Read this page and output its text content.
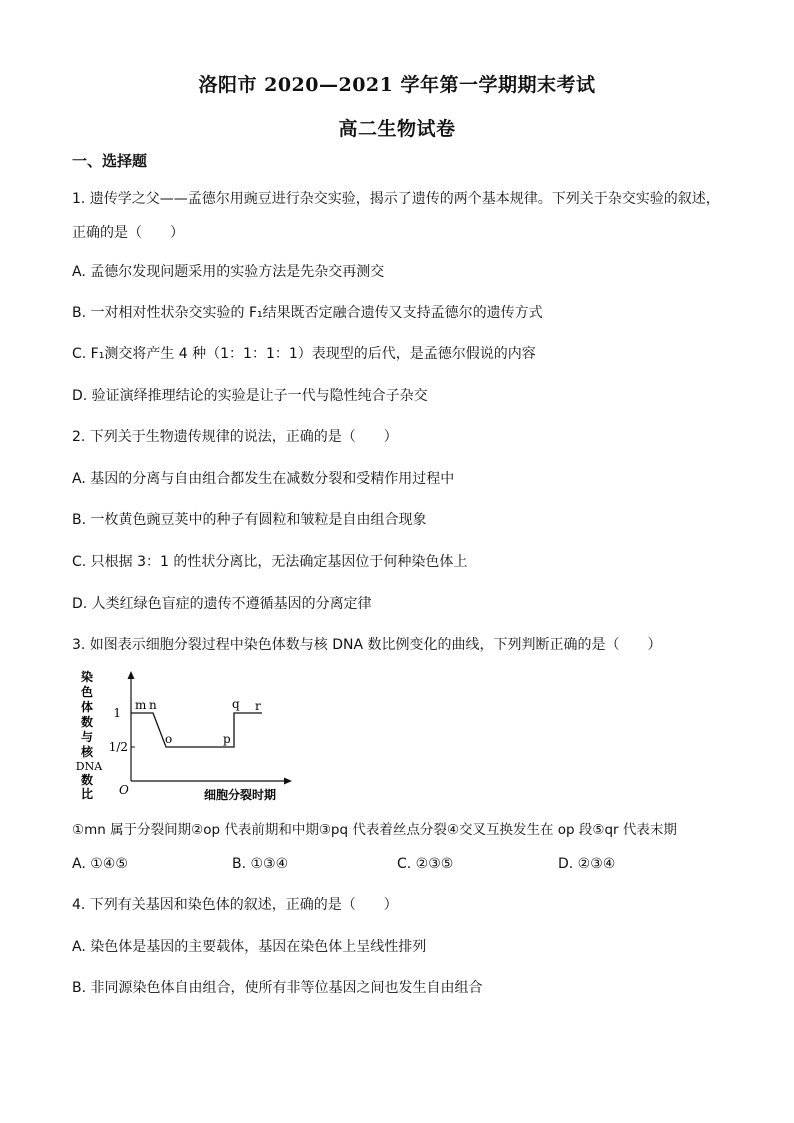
洛阳市 2020—2021 学年第一学期期末考试
高二生物试卷
一、选择题
1. 遗传学之父——孟德尔用豌豆进行杂交实验，揭示了遗传的两个基本规律。下列关于杂交实验的叙述，
正确的是（　　）
A. 孟德尔发现问题采用的实验方法是先杂交再测交
B. 一对相对性状杂交实验的 F₁结果既否定融合遗传又支持孟德尔的遗传方式
C. F₁测交将产生 4 种（1：1：1：1）表现型的后代，是孟德尔假说的内容
D. 验证演绎推理结论的实验是让子一代与隐性纯合子杂交
2. 下列关于生物遗传规律的说法，正确的是（　　）
A. 基因的分离与自由组合都发生在减数分裂和受精作用过程中
B. 一枚黄色豌豆荚中的种子有圆粒和皱粒是自由组合现象
C. 只根据 3：1 的性状分离比，无法确定基因位于何种染色体上
D. 人类红绿色盲症的遗传不遵循基因的分离定律
3. 如图表示细胞分裂过程中染色体数与核 DNA 数比例变化的曲线，下列判断正确的是（　　）
染
色
体
数
与
核
DNA
数
比
1
1/2
O
m n
o	p
q r
细胞分裂时期
①mn 属于分裂间期②op 代表前期和中期③pq 代表着丝点分裂④交叉互换发生在 op 段⑤qr 代表末期
A. ①④⑤	B. ①③④	C. ②③⑤	D. ②③④
4. 下列有关基因和染色体的叙述，正确的是（　　）
A. 染色体是基因的主要载体，基因在染色体上呈线性排列
B. 非同源染色体自由组合，使所有非等位基因之间也发生自由组合
